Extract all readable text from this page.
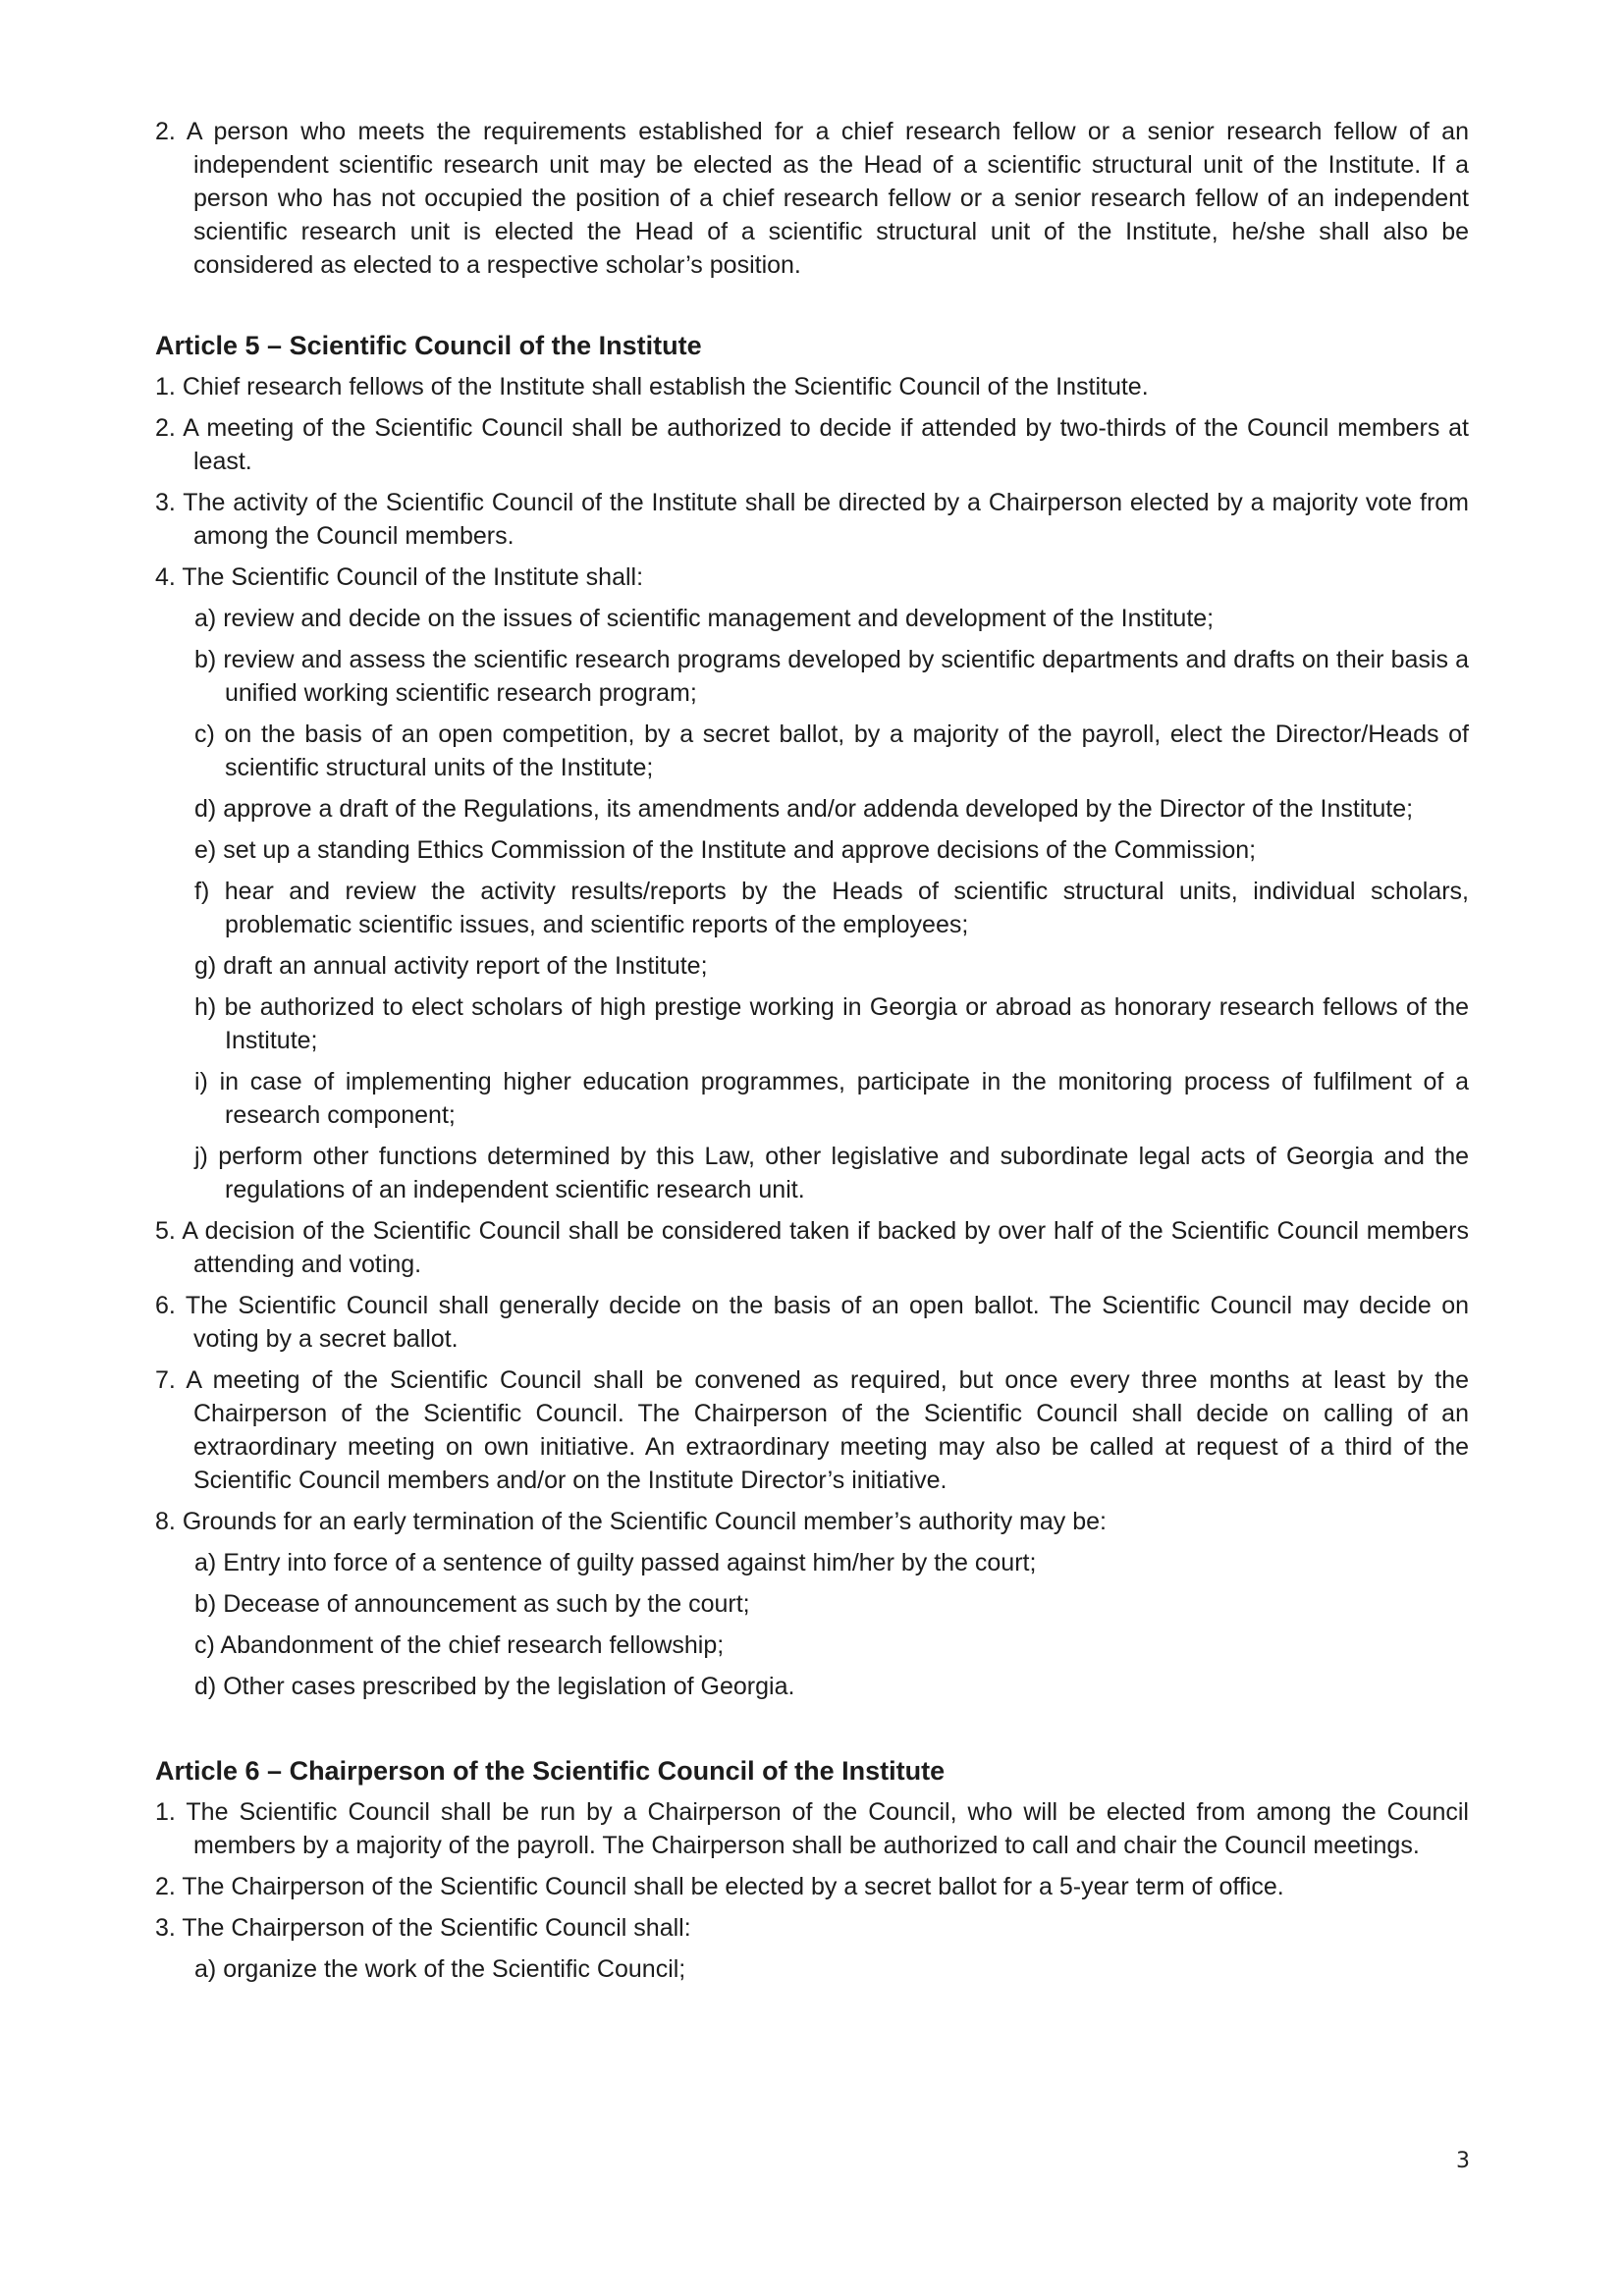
2. A person who meets the requirements established for a chief research fellow or a senior research fellow of an independent scientific research unit may be elected as the Head of a scientific structural unit of the Institute. If a person who has not occupied the position of a chief research fellow or a senior research fellow of an independent scientific research unit is elected the Head of a scientific structural unit of the Institute, he/she shall also be considered as elected to a respective scholar’s position.

Article 5 – Scientific Council of the Institute

1. Chief research fellows of the Institute shall establish the Scientific Council of the Institute.

2. A meeting of the Scientific Council shall be authorized to decide if attended by two-thirds of the Council members at least.

3. The activity of the Scientific Council of the Institute shall be directed by a Chairperson elected by a majority vote from among the Council members.

4. The Scientific Council of the Institute shall:

a) review and decide on the issues of scientific management and development of the Institute;

b) review and assess the scientific research programs developed by scientific departments and drafts on their basis a unified working scientific research program;

c) on the basis of an open competition, by a secret ballot, by a majority of the payroll, elect the Director/Heads of scientific structural units of the Institute;

d) approve a draft of the Regulations, its amendments and/or addenda developed by the Director of the Institute;

e) set up a standing Ethics Commission of the Institute and approve decisions of the Commission;

f) hear and review the activity results/reports by the Heads of scientific structural units, individual scholars, problematic scientific issues, and scientific reports of the employees;

g) draft an annual activity report of the Institute;

h) be authorized to elect scholars of high prestige working in Georgia or abroad as honorary research fellows of the Institute;

i) in case of implementing higher education programmes, participate in the monitoring process of fulfilment of a research component;

j) perform other functions determined by this Law, other legislative and subordinate legal acts of Georgia and the regulations of an independent scientific research unit.

5. A decision of the Scientific Council shall be considered taken if backed by over half of the Scientific Council members attending and voting.

6. The Scientific Council shall generally decide on the basis of an open ballot. The Scientific Council may decide on voting by a secret ballot.

7. A meeting of the Scientific Council shall be convened as required, but once every three months at least by the Chairperson of the Scientific Council. The Chairperson of the Scientific Council shall decide on calling of an extraordinary meeting on own initiative. An extraordinary meeting may also be called at request of a third of the Scientific Council members and/or on the Institute Director’s initiative.

8. Grounds for an early termination of the Scientific Council member’s authority may be:

a) Entry into force of a sentence of guilty passed against him/her by the court;

b) Decease of announcement as such by the court;

c) Abandonment of the chief research fellowship;

d) Other cases prescribed by the legislation of Georgia.

Article 6 – Chairperson of the Scientific Council of the Institute

1. The Scientific Council shall be run by a Chairperson of the Council, who will be elected from among the Council members by a majority of the payroll. The Chairperson shall be authorized to call and chair the Council meetings.

2. The Chairperson of the Scientific Council shall be elected by a secret ballot for a 5-year term of office.

3. The Chairperson of the Scientific Council shall:

a) organize the work of the Scientific Council;

3
